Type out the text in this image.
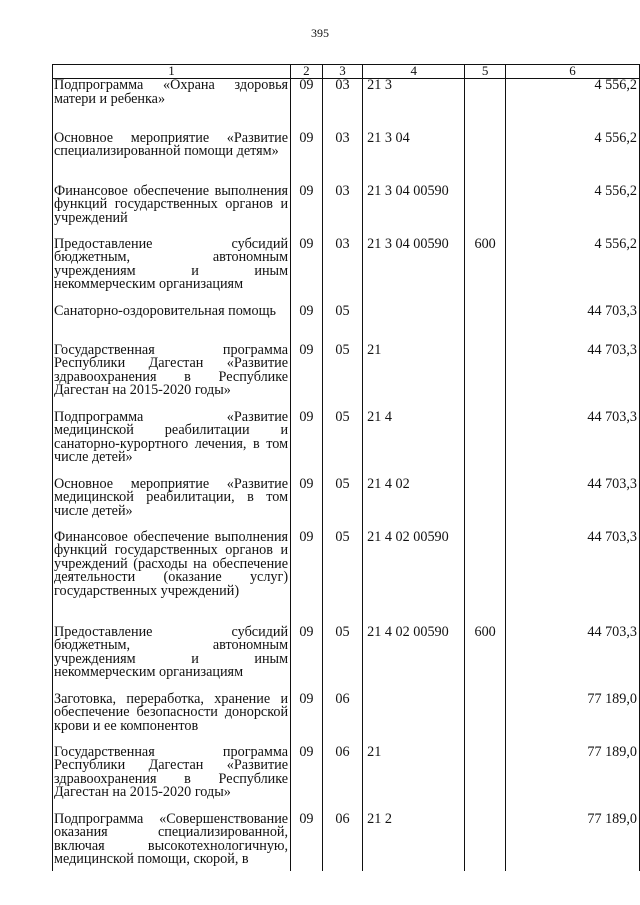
395
1	2	3	4	5	6
Подпрограмма «Охрана здоровья матери и ребенка»	09	03	21 3		4 556,2
Основное мероприятие «Развитие специализированной помощи детям»	09	03	21 3 04		4 556,2
Финансовое обеспечение выполнения функций государственных органов и учреждений	09	03	21 3 04 00590		4 556,2
Предоставление субсидий бюджетным, автономным учреждениям и иным некоммерческим организациям	09	03	21 3 04 00590	600	4 556,2
Санаторно-оздоровительная помощь	09	05			44 703,3
Государственная программа Республики Дагестан «Развитие здравоохранения в Республике Дагестан на 2015-2020 годы»	09	05	21		44 703,3
Подпрограмма «Развитие медицинской реабилитации и санаторно-курортного лечения, в том числе детей»	09	05	21 4		44 703,3
Основное мероприятие «Развитие медицинской реабилитации, в том числе детей»	09	05	21 4 02		44 703,3
Финансовое обеспечение выполнения функций государственных органов и учреждений (расходы на обеспечение деятельности (оказание услуг) государственных учреждений)	09	05	21 4 02 00590		44 703,3
Предоставление субсидий бюджетным, автономным учреждениям и иным некоммерческим организациям	09	05	21 4 02 00590	600	44 703,3
Заготовка, переработка, хранение и обеспечение безопасности донорской крови и ее компонентов	09	06			77 189,0
Государственная программа Республики Дагестан «Развитие здравоохранения в Республике Дагестан на 2015-2020 годы»	09	06	21		77 189,0
Подпрограмма «Совершенствование оказания специализированной, включая высокотехнологичную, медицинской помощи, скорой, в	09	06	21 2		77 189,0
